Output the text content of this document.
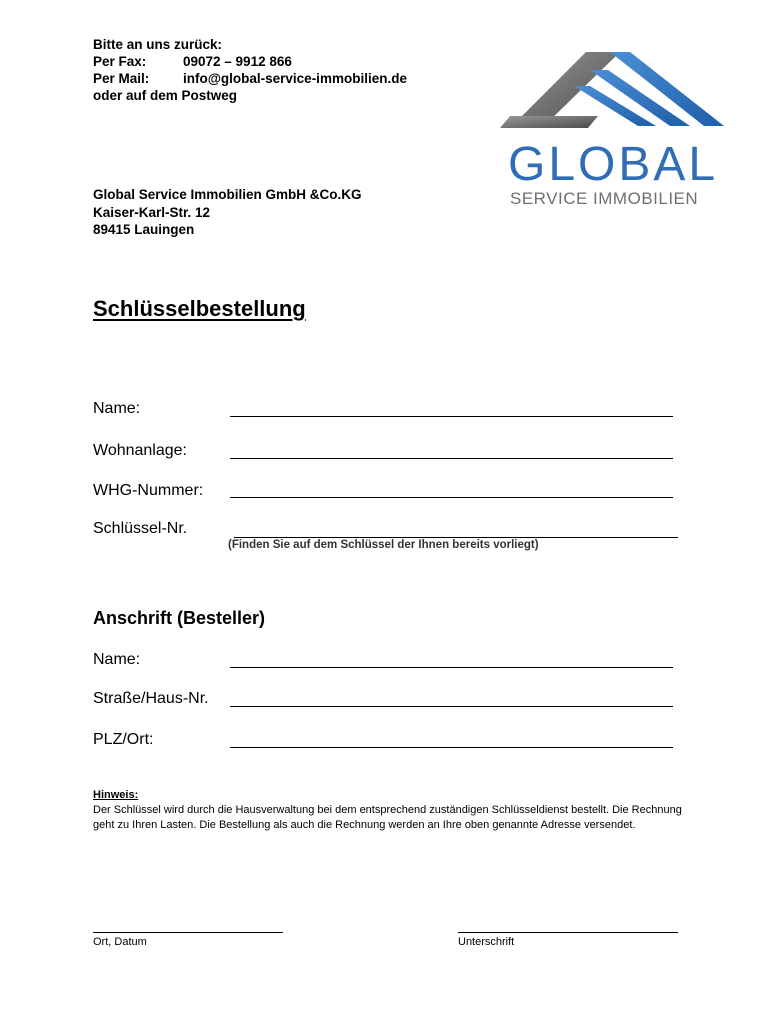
Bitte an uns zurück:
Per Fax:	09072 – 9912 866
Per Mail: info@global-service-immobilien.de
oder auf dem Postweg
GLOBAL
SERVICE IMMOBILIEN
Global Service Immobilien GmbH &Co.KG
Kaiser-Karl-Str. 12
89415 Lauingen
Schlüsselbestellung
Name:
Wohnanlage:
WHG-Nummer:
Schlüssel-Nr.
(Finden Sie auf dem Schlüssel der Ihnen bereits vorliegt)
Anschrift (Besteller)
Name:
Straße/Haus-Nr.
PLZ/Ort:
Hinweis:
Der Schlüssel wird durch die Hausverwaltung bei dem entsprechend zuständigen Schlüsseldienst bestellt. Die Rechnung geht zu Ihren Lasten. Die Bestellung als auch die Rechnung werden an Ihre oben genannte Adresse versendet.
Ort, Datum	Unterschrift
